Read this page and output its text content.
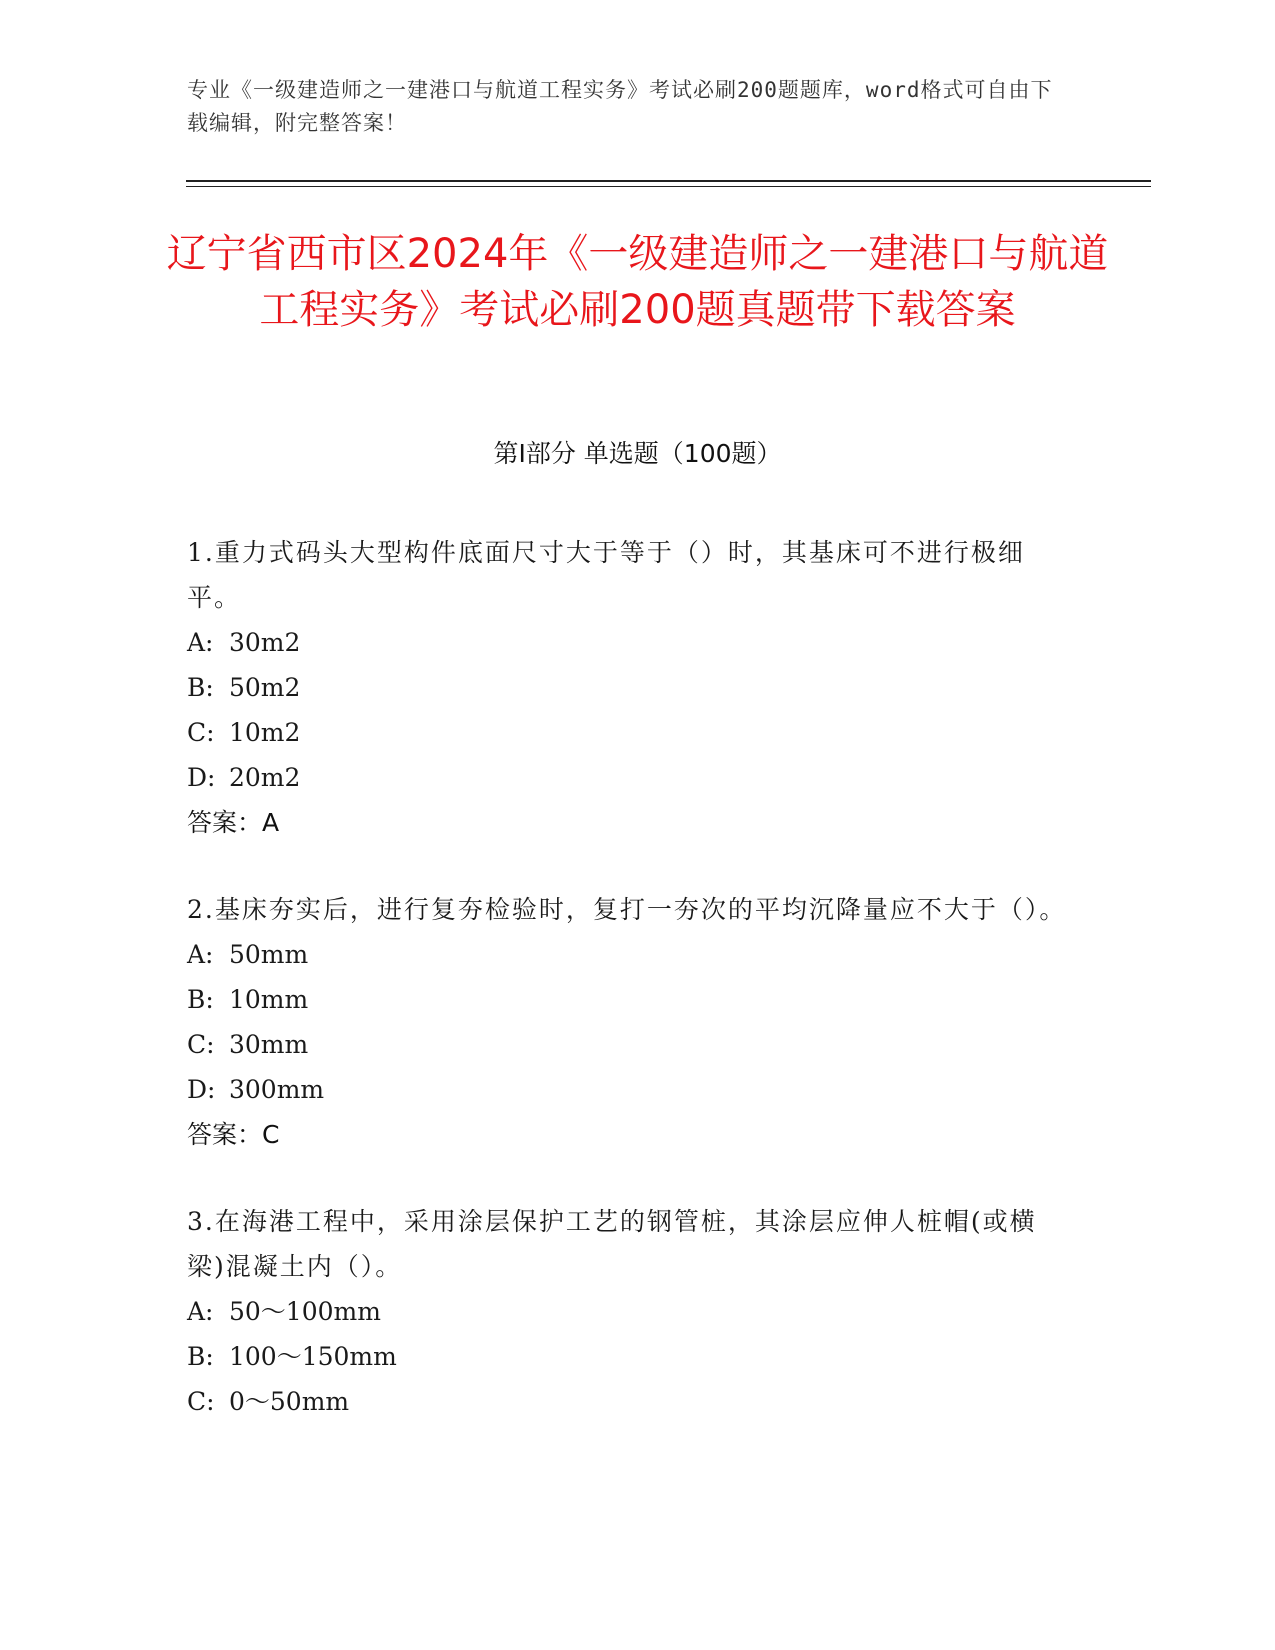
专业《一级建造师之一建港口与航道工程实务》考试必刷200题题库，word格式可自由下载编辑，附完整答案！
辽宁省西市区2024年《一级建造师之一建港口与航道工程实务》考试必刷200题真题带下载答案
第Ⅰ部分 单选题（100题）
1.重力式码头大型构件底面尺寸大于等于（）时，其基床可不进行极细平。
A: 30m2
B: 50m2
C: 10m2
D: 20m2
答案：A
2.基床夯实后，进行复夯检验时，复打一夯次的平均沉降量应不大于（）。
A: 50mm
B: 10mm
C: 30mm
D: 300mm
答案：C
3.在海港工程中，采用涂层保护工艺的钢管桩，其涂层应伸人桩帽(或横梁)混凝土内（）。
A: 50～100mm
B: 100～150mm
C: 0～50mm
